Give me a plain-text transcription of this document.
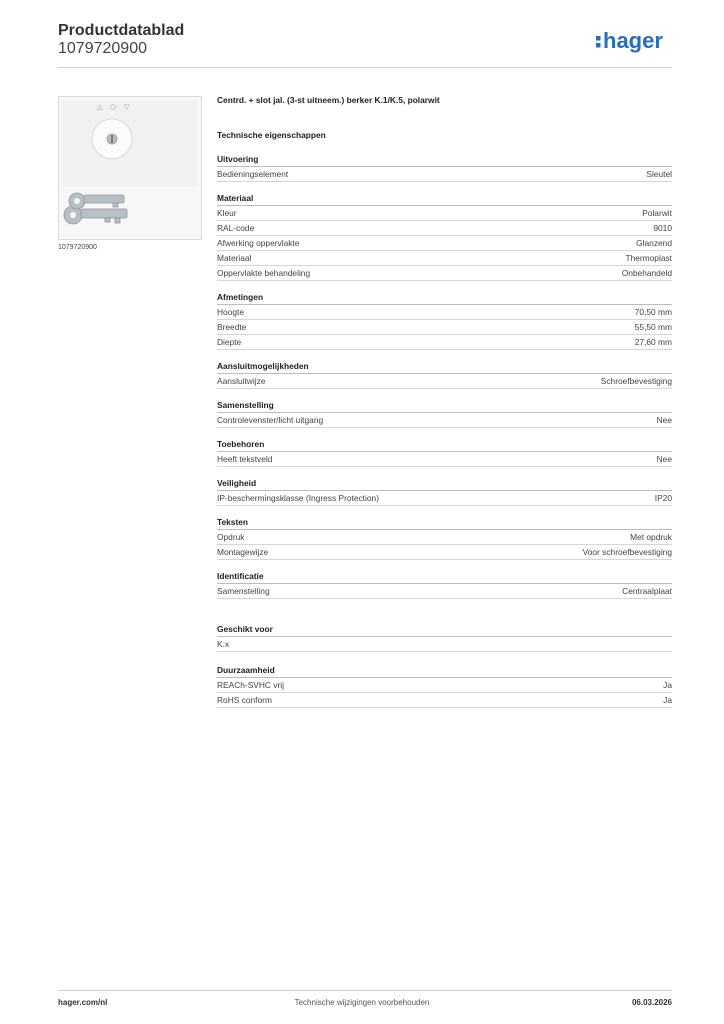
Productdatablad
1079720900	hager
△ ○ ▽
1079720900
Centrd. + slot jal. (3-st uitneem.) berker K.1/K.5, polarwit
Technische eigenschappen
Uitvoering
Bedieningselement	Sleutel
Materiaal
Kleur	Polarwit
RAL-code	9010
Afwerking oppervlakte	Glanzend
Materiaal	Thermoplast
Oppervlakte behandeling	Onbehandeld
Afmetingen
Hoogte	70,50 mm
Breedte	55,50 mm
Diepte	27,60 mm
Aansluitmogelijkheden
Aansluitwijze	Schroefbevestiging
Samenstelling
Controlevenster/licht uitgang	Nee
Toebehoren
Heeft tekstveld	Nee
Veiligheid
IP-beschermingsklasse (Ingress Protection)	IP20
Teksten
Opdruk	Met opdruk
Montagewijze	Voor schroefbevestiging
Identificatie
Samenstelling	Centraalplaat
Geschikt voor
K.x
Duurzaamheid
REACh-SVHC vrij	Ja
RoHS conform	Ja
hager.com/nl	Technische wijzigingen voorbehouden	06.03.2026
